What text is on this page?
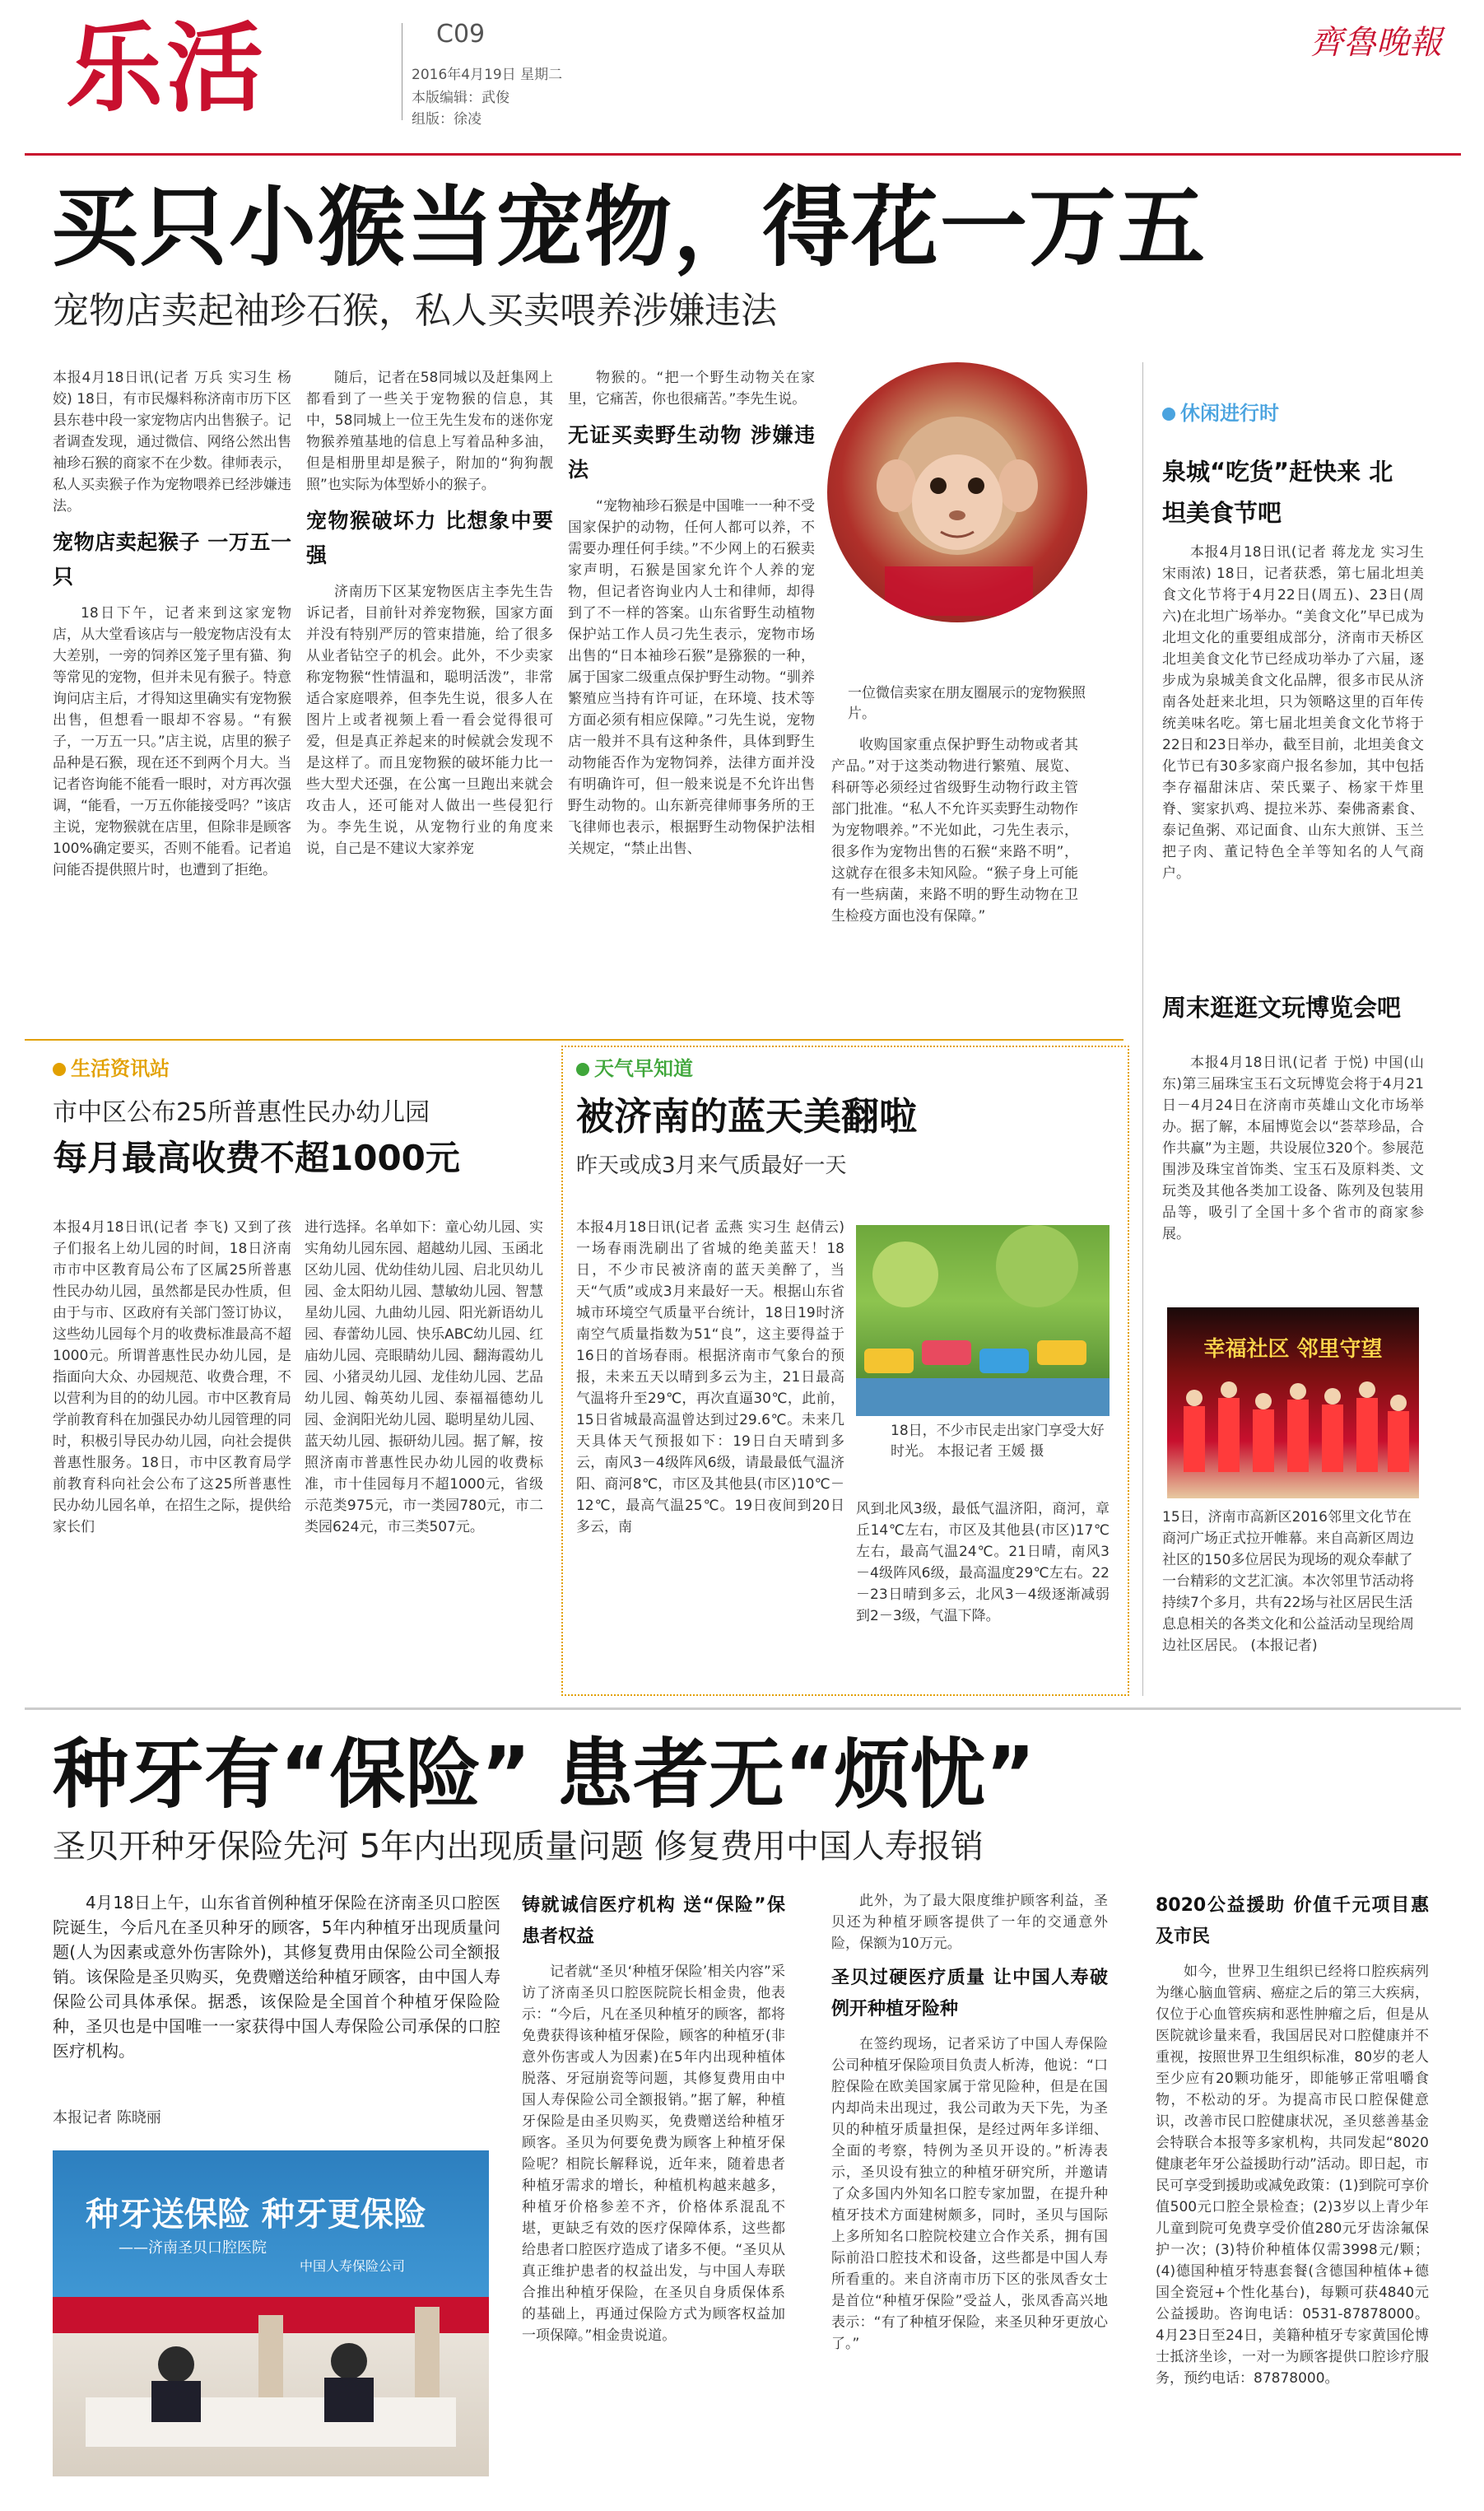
乐活	C09
2016年4月19日 星期二
本版编辑：武俊
组版：徐凌
齊魯晚報
买只小猴当宠物，得花一万五
宠物店卖起袖珍石猴，私人买卖喂养涉嫌违法

本报4月18日讯(记者 万兵 实习生 杨姣) 18日，有市民爆料称济南市历下区县东巷中段一家宠物店内出售猴子。记者调查发现，通过微信、网络公然出售袖珍石猴的商家不在少数。律师表示，私人买卖猴子作为宠物喂养已经涉嫌违法。

宠物店卖起猴子 一万五一只

18日下午，记者来到这家宠物店，从大堂看该店与一般宠物店没有太大差别，一旁的饲养区笼子里有猫、狗等常见的宠物，但并未见有猴子。特意询问店主后，才得知这里确实有宠物猴出售，但想看一眼却不容易。“有猴子，一万五一只。”店主说，店里的猴子品种是石猴，现在还不到两个月大。当记者咨询能不能看一眼时，对方再次强调，“能看，一万五你能接受吗？”该店主说，宠物猴就在店里，但除非是顾客100%确定要买，否则不能看。记者追问能否提供照片时，也遭到了拒绝。

随后，记者在58同城以及赶集网上都看到了一些关于宠物猴的信息，其中，58同城上一位王先生发布的迷你宠物猴养殖基地的信息上写着品种多油，但是相册里却是猴子，附加的“狗狗靓照”也实际为体型娇小的猴子。

宠物猴破坏力 比想象中要强

济南历下区某宠物医店主李先生告诉记者，目前针对养宠物猴，国家方面并没有特别严厉的管束措施，给了很多从业者钻空子的机会。此外，不少卖家称宠物猴“性情温和，聪明活泼”，非常适合家庭喂养，但李先生说，很多人在图片上或者视频上看一看会觉得很可爱，但是真正养起来的时候就会发现不是这样了。而且宠物猴的破坏能力比一些大型犬还强，在公寓一旦跑出来就会攻击人，还可能对人做出一些侵犯行为。李先生说，从宠物行业的角度来说，自己是不建议大家养宠

物猴的。“把一个野生动物关在家里，它痛苦，你也很痛苦。”李先生说。

无证买卖野生动物 涉嫌违法

“宠物袖珍石猴是中国唯一一种不受国家保护的动物，任何人都可以养，不需要办理任何手续。”不少网上的石猴卖家声明，石猴是国家允许个人养的宠物，但记者咨询业内人士和律师，却得到了不一样的答案。山东省野生动植物保护站工作人员刁先生表示，宠物市场出售的“日本袖珍石猴”是猕猴的一种，属于国家二级重点保护野生动物。“驯养繁殖应当持有许可证，在环境、技术等方面必须有相应保障。”刁先生说，宠物店一般并不具有这种条件，具体到野生动物能否作为宠物饲养，法律方面并没有明确许可，但一般来说是不允许出售野生动物的。山东新亮律师事务所的王飞律师也表示，根据野生动物保护法相关规定，“禁止出售、

一位微信卖家在朋友圈展示的宠物猴照片。

收购国家重点保护野生动物或者其产品。”对于这类动物进行繁殖、展览、科研等必须经过省级野生动物行政主管部门批准。“私人不允许买卖野生动物作为宠物喂养。”不光如此，刁先生表示，很多作为宠物出售的石猴“来路不明”，这就存在很多未知风险。“猴子身上可能有一些病菌，来路不明的野生动物在卫生检疫方面也没有保障。”

休闲进行时
泉城“吃货”赶快来 北坦美食节吧

本报4月18日讯(记者 蒋龙龙 实习生 宋雨浓) 18日，记者获悉，第七届北坦美食文化节将于4月22日(周五)、23日(周六)在北坦广场举办。“美食文化”早已成为北坦文化的重要组成部分，济南市天桥区北坦美食文化节已经成功举办了六届，逐步成为泉城美食文化品牌，很多市民从济南各处赶来北坦，只为领略这里的百年传统美味名吃。第七届北坦美食文化节将于22日和23日举办，截至目前，北坦美食文化节已有30多家商户报名参加，其中包括李存福甜沫店、荣氏粟子、杨家干炸里脊、窦家扒鸡、提拉米苏、秦佛斋素食、泰记鱼粥、邓记面食、山东大煎饼、玉兰把子肉、董记特色全羊等知名的人气商户。

周末逛逛文玩博览会吧

本报4月18日讯(记者 于悦) 中国(山东)第三届珠宝玉石文玩博览会将于4月21日－4月24日在济南市英雄山文化市场举办。据了解，本届博览会以“荟萃珍品，合作共赢”为主题，共设展位320个。参展范围涉及珠宝首饰类、宝玉石及原料类、文玩类及其他各类加工设备、陈列及包装用品等，吸引了全国十多个省市的商家参展。

幸福社区 邻里守望
15日，济南市高新区2016邻里文化节在商河广场正式拉开帷幕。来自高新区周边社区的150多位居民为现场的观众奉献了一台精彩的文艺汇演。本次邻里节活动将持续7个多月，共有22场与社区居民生活息息相关的各类文化和公益活动呈现给周边社区居民。 (本报记者)
生活资讯站
市中区公布25所普惠性民办幼儿园
每月最高收费不超1000元

本报4月18日讯(记者 李飞) 又到了孩子们报名上幼儿园的时间，18日济南市市中区教育局公布了区属25所普惠性民办幼儿园，虽然都是民办性质，但由于与市、区政府有关部门签订协议，这些幼儿园每个月的收费标准最高不超1000元。所谓普惠性民办幼儿园，是指面向大众、办园规范、收费合理，不以营利为目的的幼儿园。市中区教育局学前教育科在加强民办幼儿园管理的同时，积极引导民办幼儿园，向社会提供普惠性服务。18日，市中区教育局学前教育科向社会公布了这25所普惠性民办幼儿园名单，在招生之际，提供给家长们

进行选择。名单如下：童心幼儿园、实实角幼儿园东园、超越幼儿园、玉函北区幼儿园、优幼佳幼儿园、启北贝幼儿园、金太阳幼儿园、慧敏幼儿园、智慧星幼儿园、九曲幼儿园、阳光新语幼儿园、春蕾幼儿园、快乐ABC幼儿园、红庙幼儿园、亮眼睛幼儿园、翻海霞幼儿园、小猪灵幼儿园、龙佳幼儿园、艺品幼儿园、翰英幼儿园、泰福福德幼儿园、金润阳光幼儿园、聪明星幼儿园、蓝天幼儿园、振研幼儿园。据了解，按照济南市普惠性民办幼儿园的收费标准，市十佳园每月不超1000元，省级示范类975元，市一类园780元，市二类园624元，市三类507元。

天气早知道
被济南的蓝天美翻啦
昨天或成3月来气质最好一天

本报4月18日讯(记者 孟燕 实习生 赵倩云) 一场春雨洗刷出了省城的绝美蓝天！18日，不少市民被济南的蓝天美醉了，当天“气质”或成3月来最好一天。根据山东省城市环境空气质量平台统计，18日19时济南空气质量指数为51“良”，这主要得益于16日的首场春雨。根据济南市气象台的预报，未来五天以晴到多云为主，21日最高气温将升至29℃，再次直逼30℃，此前，15日省城最高温曾达到过29.6℃。未来几天具体天气预报如下：19日白天晴到多云，南风3－4级阵风6级，请最最低气温济阳、商河8℃，市区及其他县(市区)10℃－12℃，最高气温25℃。19日夜间到20日多云，南

18日，不少市民走出家门享受大好时光。 本报记者 王媛 摄

风到北风3级，最低气温济阳，商河，章丘14℃左右，市区及其他县(市区)17℃左右，最高气温24℃。21日晴，南风3－4级阵风6级，最高温度29℃左右。22－23日晴到多云，北风3－4级逐渐减弱到2－3级，气温下降。

种牙有“保险” 患者无“烦忧”
圣贝开种牙保险先河 5年内出现质量问题 修复费用中国人寿报销

4月18日上午，山东省首例种植牙保险在济南圣贝口腔医院诞生，今后凡在圣贝种牙的顾客，5年内种植牙出现质量问题(人为因素或意外伤害除外)，其修复费用由保险公司全额报销。该保险是圣贝购买，免费赠送给种植牙顾客，由中国人寿保险公司具体承保。据悉，该保险是全国首个种植牙保险险种，圣贝也是中国唯一一家获得中国人寿保险公司承保的口腔医疗机构。

本报记者 陈晓丽
种牙送保险 种牙更保险
——济南圣贝口腔医院
中国人寿保险公司
铸就诚信医疗机构 送“保险”保患者权益

记者就“圣贝‘种植牙保险’相关内容”采访了济南圣贝口腔医院院长相金贵，他表示：“今后，凡在圣贝种植牙的顾客，都将免费获得该种植牙保险，顾客的种植牙(非意外伤害或人为因素)在5年内出现种植体脱落、牙冠崩瓷等问题，其修复费用由中国人寿保险公司全额报销。”据了解，种植牙保险是由圣贝购买，免费赠送给种植牙顾客。圣贝为何要免费为顾客上种植牙保险呢？相院长解释说，近年来，随着患者种植牙需求的增长，种植机构越来越多，种植牙价格参差不齐，价格体系混乱不堪，更缺乏有效的医疗保障体系，这些都给患者口腔医疗造成了诸多不便。“圣贝从真正维护患者的权益出发，与中国人寿联合推出种植牙保险，在圣贝自身质保体系的基础上，再通过保险方式为顾客权益加一项保障。”相金贵说道。

此外，为了最大限度维护顾客利益，圣贝还为种植牙顾客提供了一年的交通意外险，保额为10万元。

圣贝过硬医疗质量 让中国人寿破例开种植牙险种

在签约现场，记者采访了中国人寿保险公司种植牙保险项目负责人析涛，他说：“口腔保险在欧美国家属于常见险种，但是在国内却尚未出现过，我公司敢为天下先，为圣贝的种植牙质量担保，是经过两年多详细、全面的考察，特例为圣贝开设的。”析涛表示，圣贝设有独立的种植牙研究所，并邀请了众多国内外知名口腔专家加盟，在提升种植牙技术方面建树颇多，同时，圣贝与国际上多所知名口腔院校建立合作关系，拥有国际前沿口腔技术和设备，这些都是中国人寿所看重的。来自济南市历下区的张凤香女士是首位“种植牙保险”受益人，张凤香高兴地表示：“有了种植牙保险，来圣贝种牙更放心了。”

8020公益援助 价值千元项目惠及市民

如今，世界卫生组织已经将口腔疾病列为继心脑血管病、癌症之后的第三大疾病，仅位于心血管疾病和恶性肿瘤之后，但是从医院就诊量来看，我国居民对口腔健康并不重视，按照世界卫生组织标准，80岁的老人至少应有20颗功能牙，即能够正常咀嚼食物，不松动的牙。为提高市民口腔保健意识，改善市民口腔健康状况，圣贝慈善基金会特联合本报等多家机构，共同发起“8020健康老年牙公益援助行动”活动。即日起，市民可享受到援助或减免政策：(1)到院可享价值500元口腔全景检查；(2)3岁以上青少年儿童到院可免费享受价值280元牙齿涂氟保护一次；(3)特价种植体仅需3998元/颗；(4)德国种植牙特惠套餐(含德国种植体+德国全瓷冠+个性化基台)，每颗可获4840元公益援助。咨询电话：0531-87878000。4月23日至24日，美籍种植牙专家黄国伦博士抵济坐诊，一对一为顾客提供口腔诊疗服务，预约电话：87878000。
